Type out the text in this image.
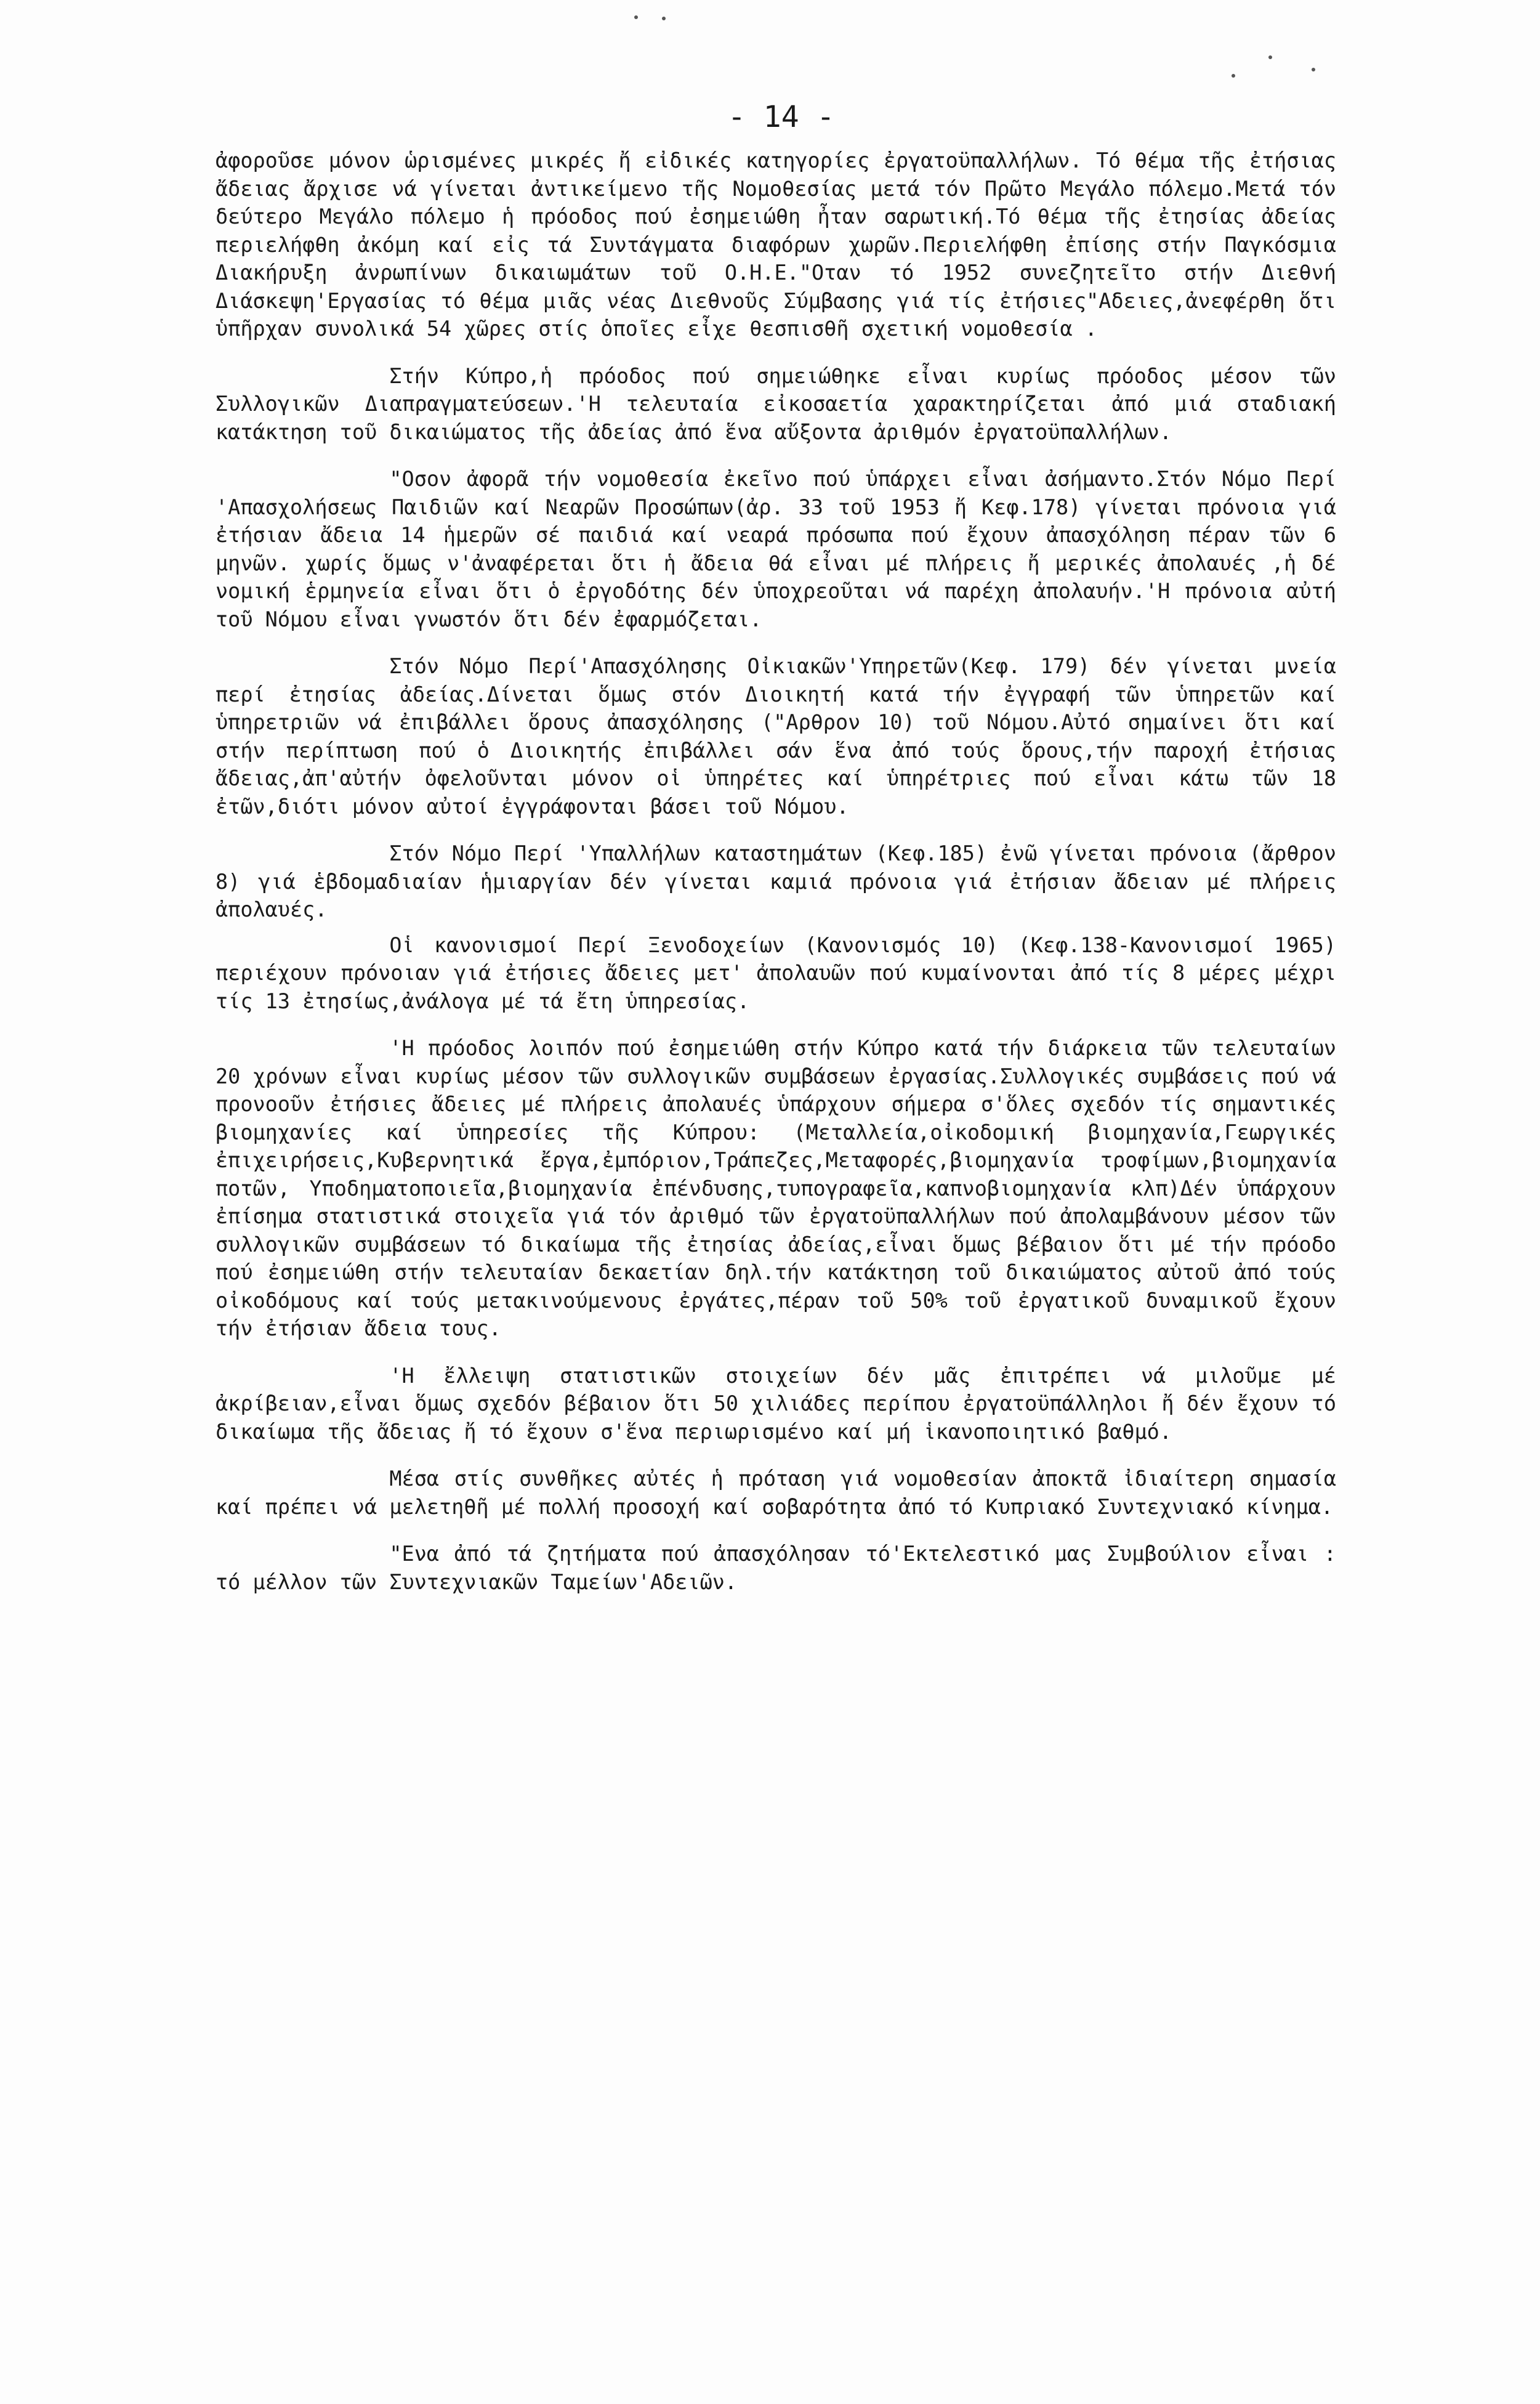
- 14 -

ἀφοροῦσε μόνον ὡρισμένες μικρές ἤ εἰδικές κατηγορίες ἐργατοϋπαλλήλων. Τό θέμα τῆς ἐτήσιας ἄδειας ἄρχισε νά γίνεται ἀντικείμενο τῆς Νομοθεσίας μετά τόν Πρῶτο Μεγάλο πόλεμο.Μετά τόν δεύτερο Μεγάλο πόλεμο ἡ πρόοδος πού ἐσημειώθη ἦταν σαρωτική.Τό θέμα τῆς ἐτησίας ἀδείας περιελήφθη ἀκόμη καί εἰς τά Συντάγματα διαφόρων χωρῶν.Περιελήφθη ἐπίσης στήν Παγκόσμια Διακήρυξη ἀνρωπίνων δικαιωμάτων τοῦ Ο.Η.Ε."Οταν τό 1952 συνεζητεῖτο στήν Διεθνή Διάσκεψη'Εργασίας τό θέμα μιᾶς νέας Διεθνοῦς Σύμβασης γιά τίς ἐτήσιες"Αδειες,ἀνεφέρθη ὅτι ὑπῆρχαν συνολικά 54 χῶρες στίς ὁποῖες εἶχε θεσπισθῆ σχετική νομοθεσία .

Στήν Κύπρο,ἡ πρόοδος πού σημειώθηκε εἶναι κυρίως πρόοδος μέσον τῶν Συλλογικῶν Διαπραγματεύσεων.'Η τελευταία εἰκοσαετία χαρακτηρίζεται ἀπό μιά σταδιακή κατάκτηση τοῦ δικαιώματος τῆς ἀδείας ἀπό ἕνα αὔξοντα ἀριθμόν ἐργατοϋπαλλήλων.

"Οσον ἀφορᾶ τήν νομοθεσία ἐκεῖνο πού ὑπάρχει εἶναι ἀσήμαντο.Στόν Νόμο Περί 'Απασχολήσεως Παιδιῶν καί Νεαρῶν Προσώπων(ἀρ. 33 τοῦ 1953 ἤ Κεφ.178) γίνεται πρόνοια γιά ἐτήσιαν ἄδεια 14 ἡμερῶν σέ παιδιά καί νεαρά πρόσωπα πού ἔχουν ἀπασχόληση πέραν τῶν 6 μηνῶν. χωρίς ὅμως ν'ἀναφέρεται ὅτι ἡ ἄδεια θά εἶναι μέ πλήρεις ἤ μερικές ἀπολαυές ,ἡ δέ νομική ἑρμηνεία εἶναι ὅτι ὁ ἐργοδότης δέν ὑποχρεοῦται νά παρέχη ἀπολαυήν.'Η πρόνοια αὐτή τοῦ Νόμου εἶναι γνωστόν ὅτι δέν ἐφαρμόζεται.

Στόν Νόμο Περί'Απασχόλησης Οἰκιακῶν'Υπηρετῶν(Κεφ. 179) δέν γίνεται μνεία περί ἐτησίας ἀδείας.Δίνεται ὅμως στόν Διοικητή κατά τήν ἐγγραφή τῶν ὑπηρετῶν καί ὑπηρετριῶν νά ἐπιβάλλει ὅρους ἀπασχόλησης ("Αρθρον 10) τοῦ Νόμου.Αὐτό σημαίνει ὅτι καί στήν περίπτωση πού ὁ Διοικητής ἐπιβάλλει σάν ἕνα ἀπό τούς ὅρους,τήν παροχή ἐτήσιας ἄδειας,ἀπ'αὐτήν ὀφελοῦνται μόνον οἱ ὑπηρέτες καί ὑπηρέτριες πού εἶναι κάτω τῶν 18 ἐτῶν,διότι μόνον αὐτοί ἐγγράφονται βάσει τοῦ Νόμου.

Στόν Νόμο Περί 'Υπαλλήλων καταστημάτων (Κεφ.185) ἐνῶ γίνεται πρόνοια (ἄρθρον 8) γιά ἑβδομαδιαίαν ἡμιαργίαν δέν γίνεται καμιά πρόνοια γιά ἐτήσιαν ἄδειαν μέ πλήρεις ἀπολαυές.

Οἱ κανονισμοί Περί Ξενοδοχείων (Κανονισμός 10) (Κεφ.138-Κανονισμοί 1965) περιέχουν πρόνοιαν γιά ἐτήσιες ἄδειες μετ' ἀπολαυῶν πού κυμαίνονται ἀπό τίς 8 μέρες μέχρι τίς 13 ἐτησίως,ἀνάλογα μέ τά ἔτη ὑπηρεσίας.

'Η πρόοδος λοιπόν πού ἐσημειώθη στήν Κύπρο κατά τήν διάρκεια τῶν τελευταίων 20 χρόνων εἶναι κυρίως μέσον τῶν συλλογικῶν συμβάσεων ἐργασίας.Συλλογικές συμβάσεις πού νά προνοοῦν ἐτήσιες ἄδειες μέ πλήρεις ἀπολαυές ὑπάρχουν σήμερα σ'ὅλες σχεδόν τίς σημαντικές βιομηχανίες καί ὑπηρεσίες τῆς Κύπρου: (Μεταλλεία,οἰκοδομική βιομηχανία,Γεωργικές ἐπιχειρήσεις,Κυβερνητικά ἔργα,ἐμπόριον,Τράπεζες,Μεταφορές,βιομηχανία τροφίμων,βιομηχανία ποτῶν, Υποδηματοποιεῖα,βιομηχανία ἐπένδυσης,τυπογραφεῖα,καπνοβιομηχανία κλπ)Δέν ὑπάρχουν ἐπίσημα στατιστικά στοιχεῖα γιά τόν ἀριθμό τῶν ἐργατοϋπαλλήλων πού ἀπολαμβάνουν μέσον τῶν συλλογικῶν συμβάσεων τό δικαίωμα τῆς ἐτησίας ἀδείας,εἶναι ὅμως βέβαιον ὅτι μέ τήν πρόοδο πού ἐσημειώθη στήν τελευταίαν δεκαετίαν δηλ.τήν κατάκτηση τοῦ δικαιώματος αὐτοῦ ἀπό τούς οἰκοδόμους καί τούς μετακινούμενους ἐργάτες,πέραν τοῦ 50% τοῦ ἐργατικοῦ δυναμικοῦ ἔχουν τήν ἐτήσιαν ἄδεια τους.

'Η ἔλλειψη στατιστικῶν στοιχείων δέν μᾶς ἐπιτρέπει νά μιλοῦμε μέ ἀκρίβειαν,εἶναι ὅμως σχεδόν βέβαιον ὅτι 50 χιλιάδες περίπου ἐργατοϋπάλληλοι ἤ δέν ἔχουν τό δικαίωμα τῆς ἄδειας ἤ τό ἔχουν σ'ἕνα περιωρισμένο καί μή ἱκανοποιητικό βαθμό.

Μέσα στίς συνθῆκες αὐτές ἡ πρόταση γιά νομοθεσίαν ἀποκτᾶ ἰδιαίτερη σημασία καί πρέπει νά μελετηθῆ μέ πολλή προσοχή καί σοβαρότητα ἀπό τό Κυπριακό Συντεχνιακό κίνημα.

"Ενα ἀπό τά ζητήματα πού ἀπασχόλησαν τό'Εκτελεστικό μας Συμβούλιον εἶναι : τό μέλλον τῶν Συντεχνιακῶν Ταμείων'Αδειῶν.
